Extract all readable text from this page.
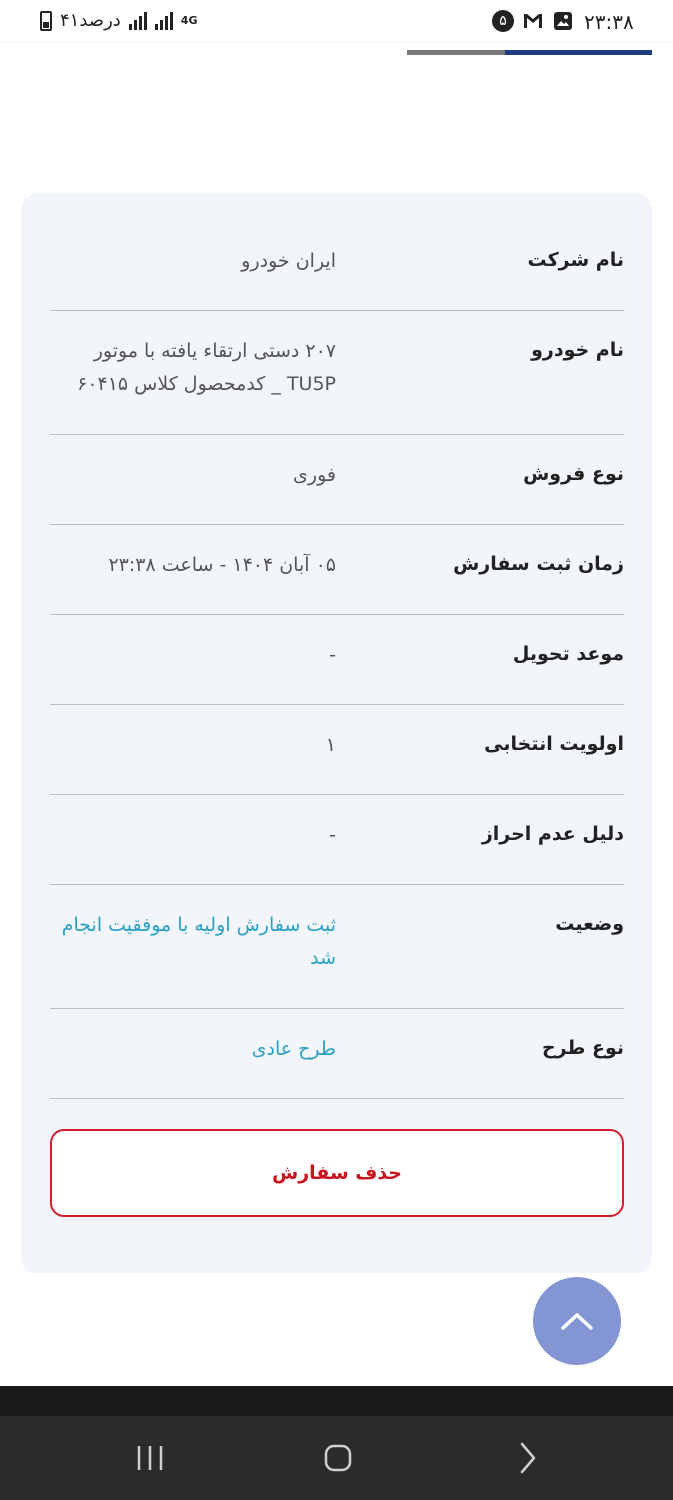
۴۱درصد	4G	۵	۲۳:۳۸
نام شرکت
ایران خودرو
نام خودرو
۲۰۷ دستی ارتقاء یافته با موتور TU5P _ کدمحصول کلاس ۶۰۴۱۵
نوع فروش
فوری
زمان ثبت سفارش
۰۵ آبان ۱۴۰۴ - ساعت ۲۳:۳۸
موعد تحویل
-
اولویت انتخابی
۱
دلیل عدم احراز
-
وضعیت
ثبت سفارش اولیه با موفقیت انجام شد
نوع طرح
طرح عادی
حذف سفارش
